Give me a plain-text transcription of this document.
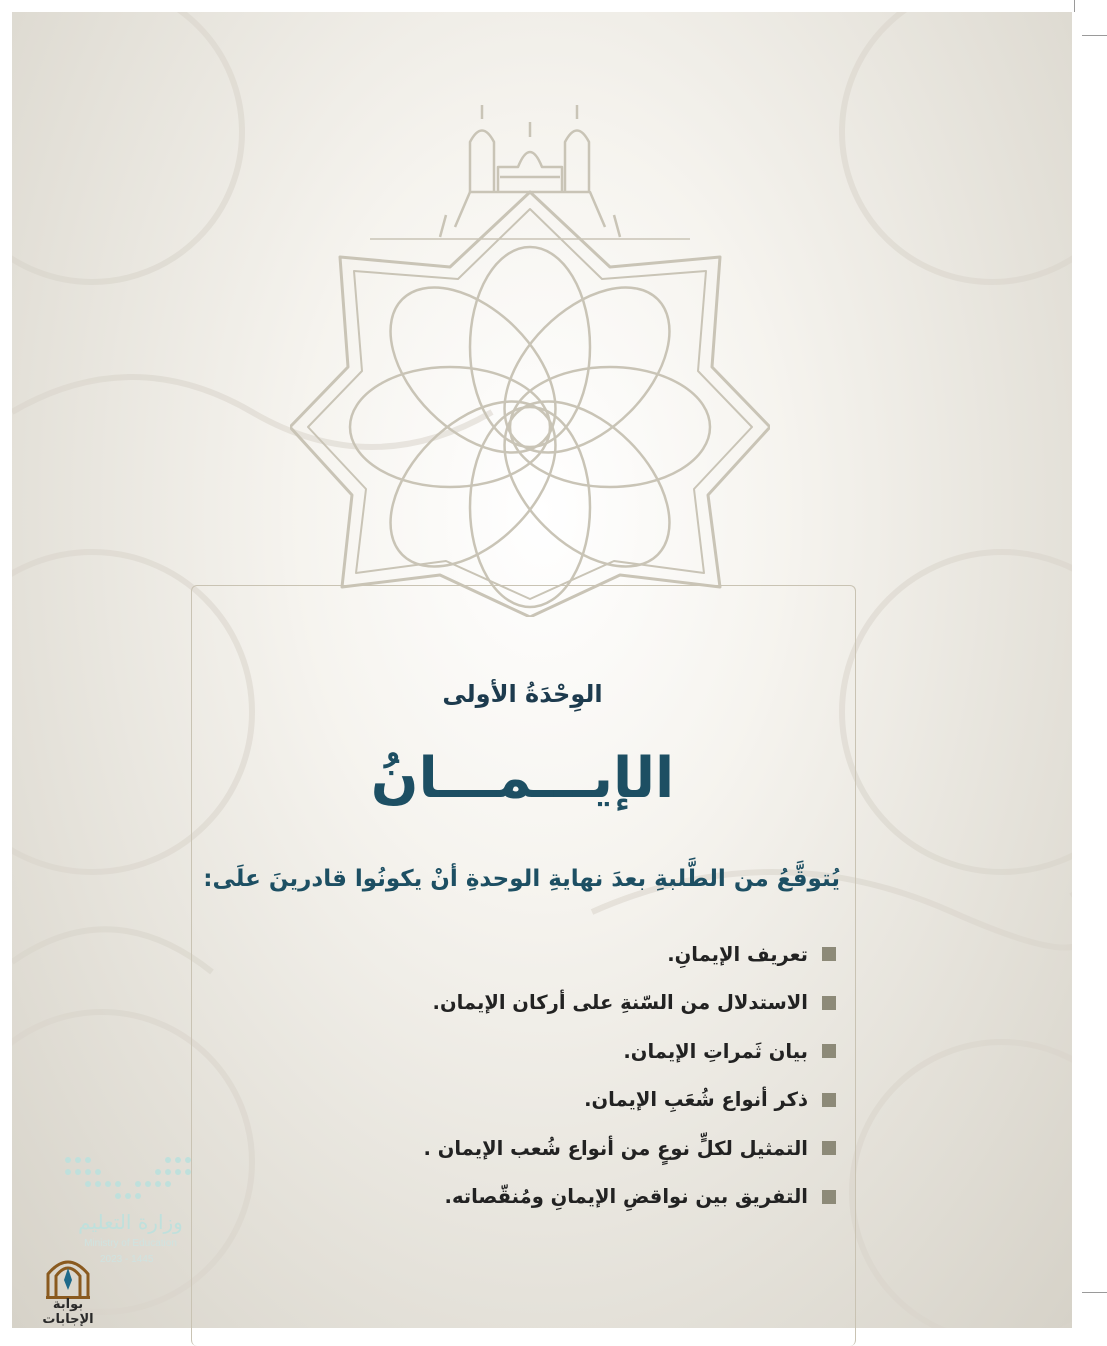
الوِحْدَةُ الأولى
الإيـــمـــانُ
يُتوقَّعُ من الطَّلبةِ بعدَ نهايةِ الوحدةِ أنْ يكونُوا قادرينَ علَى:
تعريف الإيمانِ.
الاستدلال من السّنةِ على أركان الإيمان.
بيان ثَمراتِ الإيمان.
ذكر أنواع شُعَبِ الإيمان.
التمثيل لكلٍّ نوعٍ من أنواع شُعب الإيمان .
التفريق بين نواقضِ الإيمانِ ومُنقّصاته.
وزارة التعليم
Ministry of Education
2023 - 1445
بوابة الإجابات
